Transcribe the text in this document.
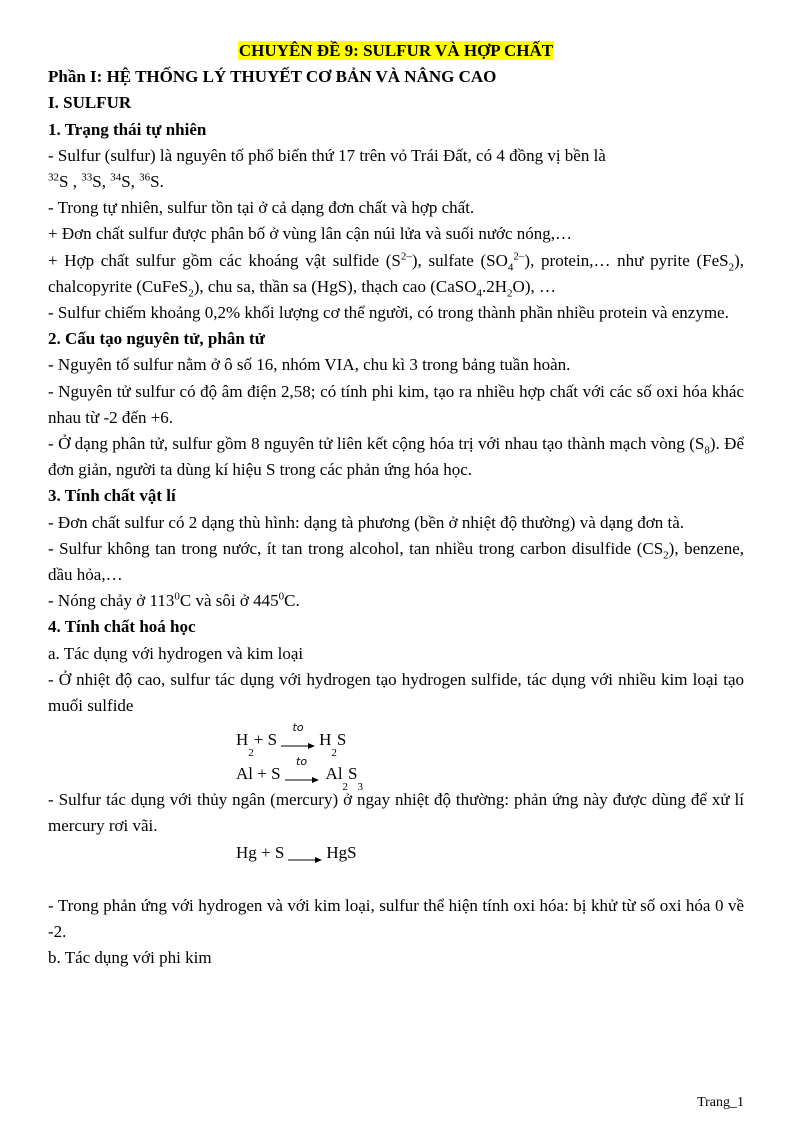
CHUYÊN ĐỀ 9: SULFUR VÀ HỢP CHẤT
Phần I: HỆ THỐNG LÝ THUYẾT CƠ BẢN VÀ NÂNG CAO
I. SULFUR
1. Trạng thái tự nhiên
- Sulfur (sulfur) là nguyên tố phổ biến thứ 17 trên vỏ Trái Đất, có 4 đồng vị bền là
$^{32}$S , $^{33}$S, $^{34}$S, $^{36}$S.
- Trong tự nhiên, sulfur tồn tại ở cả dạng đơn chất và hợp chất.
+ Đơn chất sulfur được phân bố ở vùng lân cận núi lửa và suối nước nóng,…
+ Hợp chất sulfur gồm các khoáng vật sulfide $(S^{2-})$, sulfate $(SO_4^{2-})$, protein,… như pyrite (FeS$_2$), chalcopyrite (CuFeS$_2$), chu sa, thần sa (HgS), thạch cao $(CaSO_4.2H_2O)$, …
- Sulfur chiếm khoảng 0,2% khối lượng cơ thể người, có trong thành phần nhiều protein và enzyme.
2. Cấu tạo nguyên tử, phân tử
- Nguyên tố sulfur nằm ở ô số 16, nhóm VIA, chu kì 3 trong bảng tuần hoàn.
- Nguyên tử sulfur có độ âm điện 2,58; có tính phi kim, tạo ra nhiều hợp chất với các số oxi hóa khác nhau từ -2 đến +6.
- Ở dạng phân tử, sulfur gồm 8 nguyên tử liên kết cộng hóa trị với nhau tạo thành mạch vòng $(S_8)$. Để đơn giản, người ta dùng kí hiệu S trong các phản ứng hóa học.
3. Tính chất vật lí
- Đơn chất sulfur có 2 dạng thù hình: dạng tà phương (bền ở nhiệt độ thường) và dạng đơn tà.
- Sulfur không tan trong nước, ít tan trong alcohol, tan nhiều trong carbon disulfide $(CS_2)$, benzene, dầu hỏa,…
- Nóng chảy ở $113^0C$ và sôi ở $445^0C$.
4. Tính chất hoá học
a. Tác dụng với hydrogen và kim loại
- Ở nhiệt độ cao, sulfur tác dụng với hydrogen tạo hydrogen sulfide, tác dụng với nhiều kim loại tạo muối sulfide
H
2
+ S
to
H
2
S
Al + S
to
Al
2
S
3
- Sulfur tác dụng với thủy ngân (mercury) ở ngay nhiệt độ thường: phản ứng này được dùng để xử lí mercury rơi vãi.
Hg + S HgS
- Trong phản ứng với hydrogen và với kim loại, sulfur thể hiện tính oxi hóa: bị khử từ số oxi hóa 0 về -2.
b. Tác dụng với phi kim
Trang_1
